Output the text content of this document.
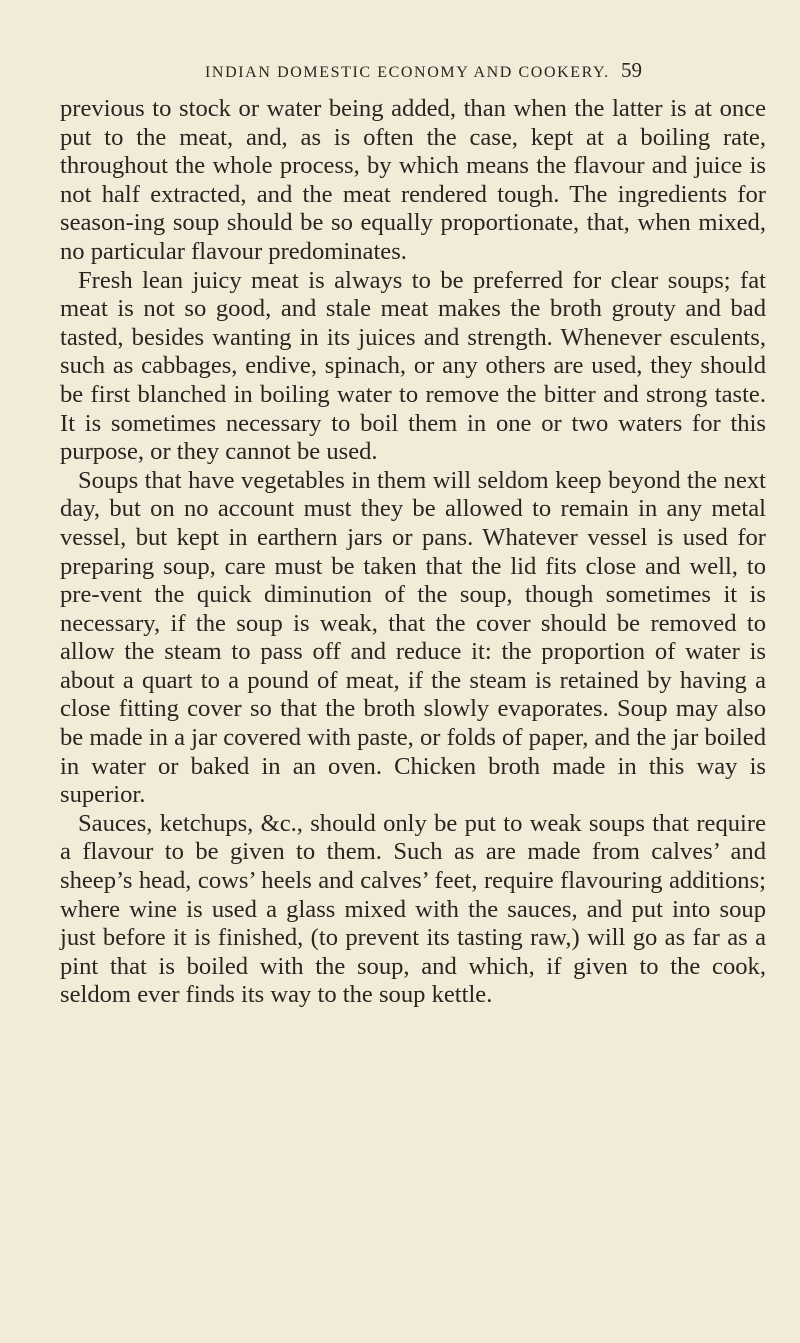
INDIAN DOMESTIC ECONOMY AND COOKERY. 59

previous to stock or water being added, than when the latter is at once put to the meat, and, as is often the case, kept at a boiling rate, throughout the whole process, by which means the flavour and juice is not half extracted, and the meat rendered tough. The ingredients for season-ing soup should be so equally proportionate, that, when mixed, no particular flavour predominates.

Fresh lean juicy meat is always to be preferred for clear soups; fat meat is not so good, and stale meat makes the broth grouty and bad tasted, besides wanting in its juices and strength. Whenever esculents, such as cabbages, endive, spinach, or any others are used, they should be first blanched in boiling water to remove the bitter and strong taste. It is sometimes necessary to boil them in one or two waters for this purpose, or they cannot be used.

Soups that have vegetables in them will seldom keep beyond the next day, but on no account must they be allowed to remain in any metal vessel, but kept in earthern jars or pans. Whatever vessel is used for preparing soup, care must be taken that the lid fits close and well, to pre-vent the quick diminution of the soup, though sometimes it is necessary, if the soup is weak, that the cover should be removed to allow the steam to pass off and reduce it: the proportion of water is about a quart to a pound of meat, if the steam is retained by having a close fitting cover so that the broth slowly evaporates. Soup may also be made in a jar covered with paste, or folds of paper, and the jar boiled in water or baked in an oven. Chicken broth made in this way is superior.

Sauces, ketchups, &c., should only be put to weak soups that require a flavour to be given to them. Such as are made from calves’ and sheep’s head, cows’ heels and calves’ feet, require flavouring additions; where wine is used a glass mixed with the sauces, and put into soup just before it is finished, (to prevent its tasting raw,) will go as far as a pint that is boiled with the soup, and which, if given to the cook, seldom ever finds its way to the soup kettle.
